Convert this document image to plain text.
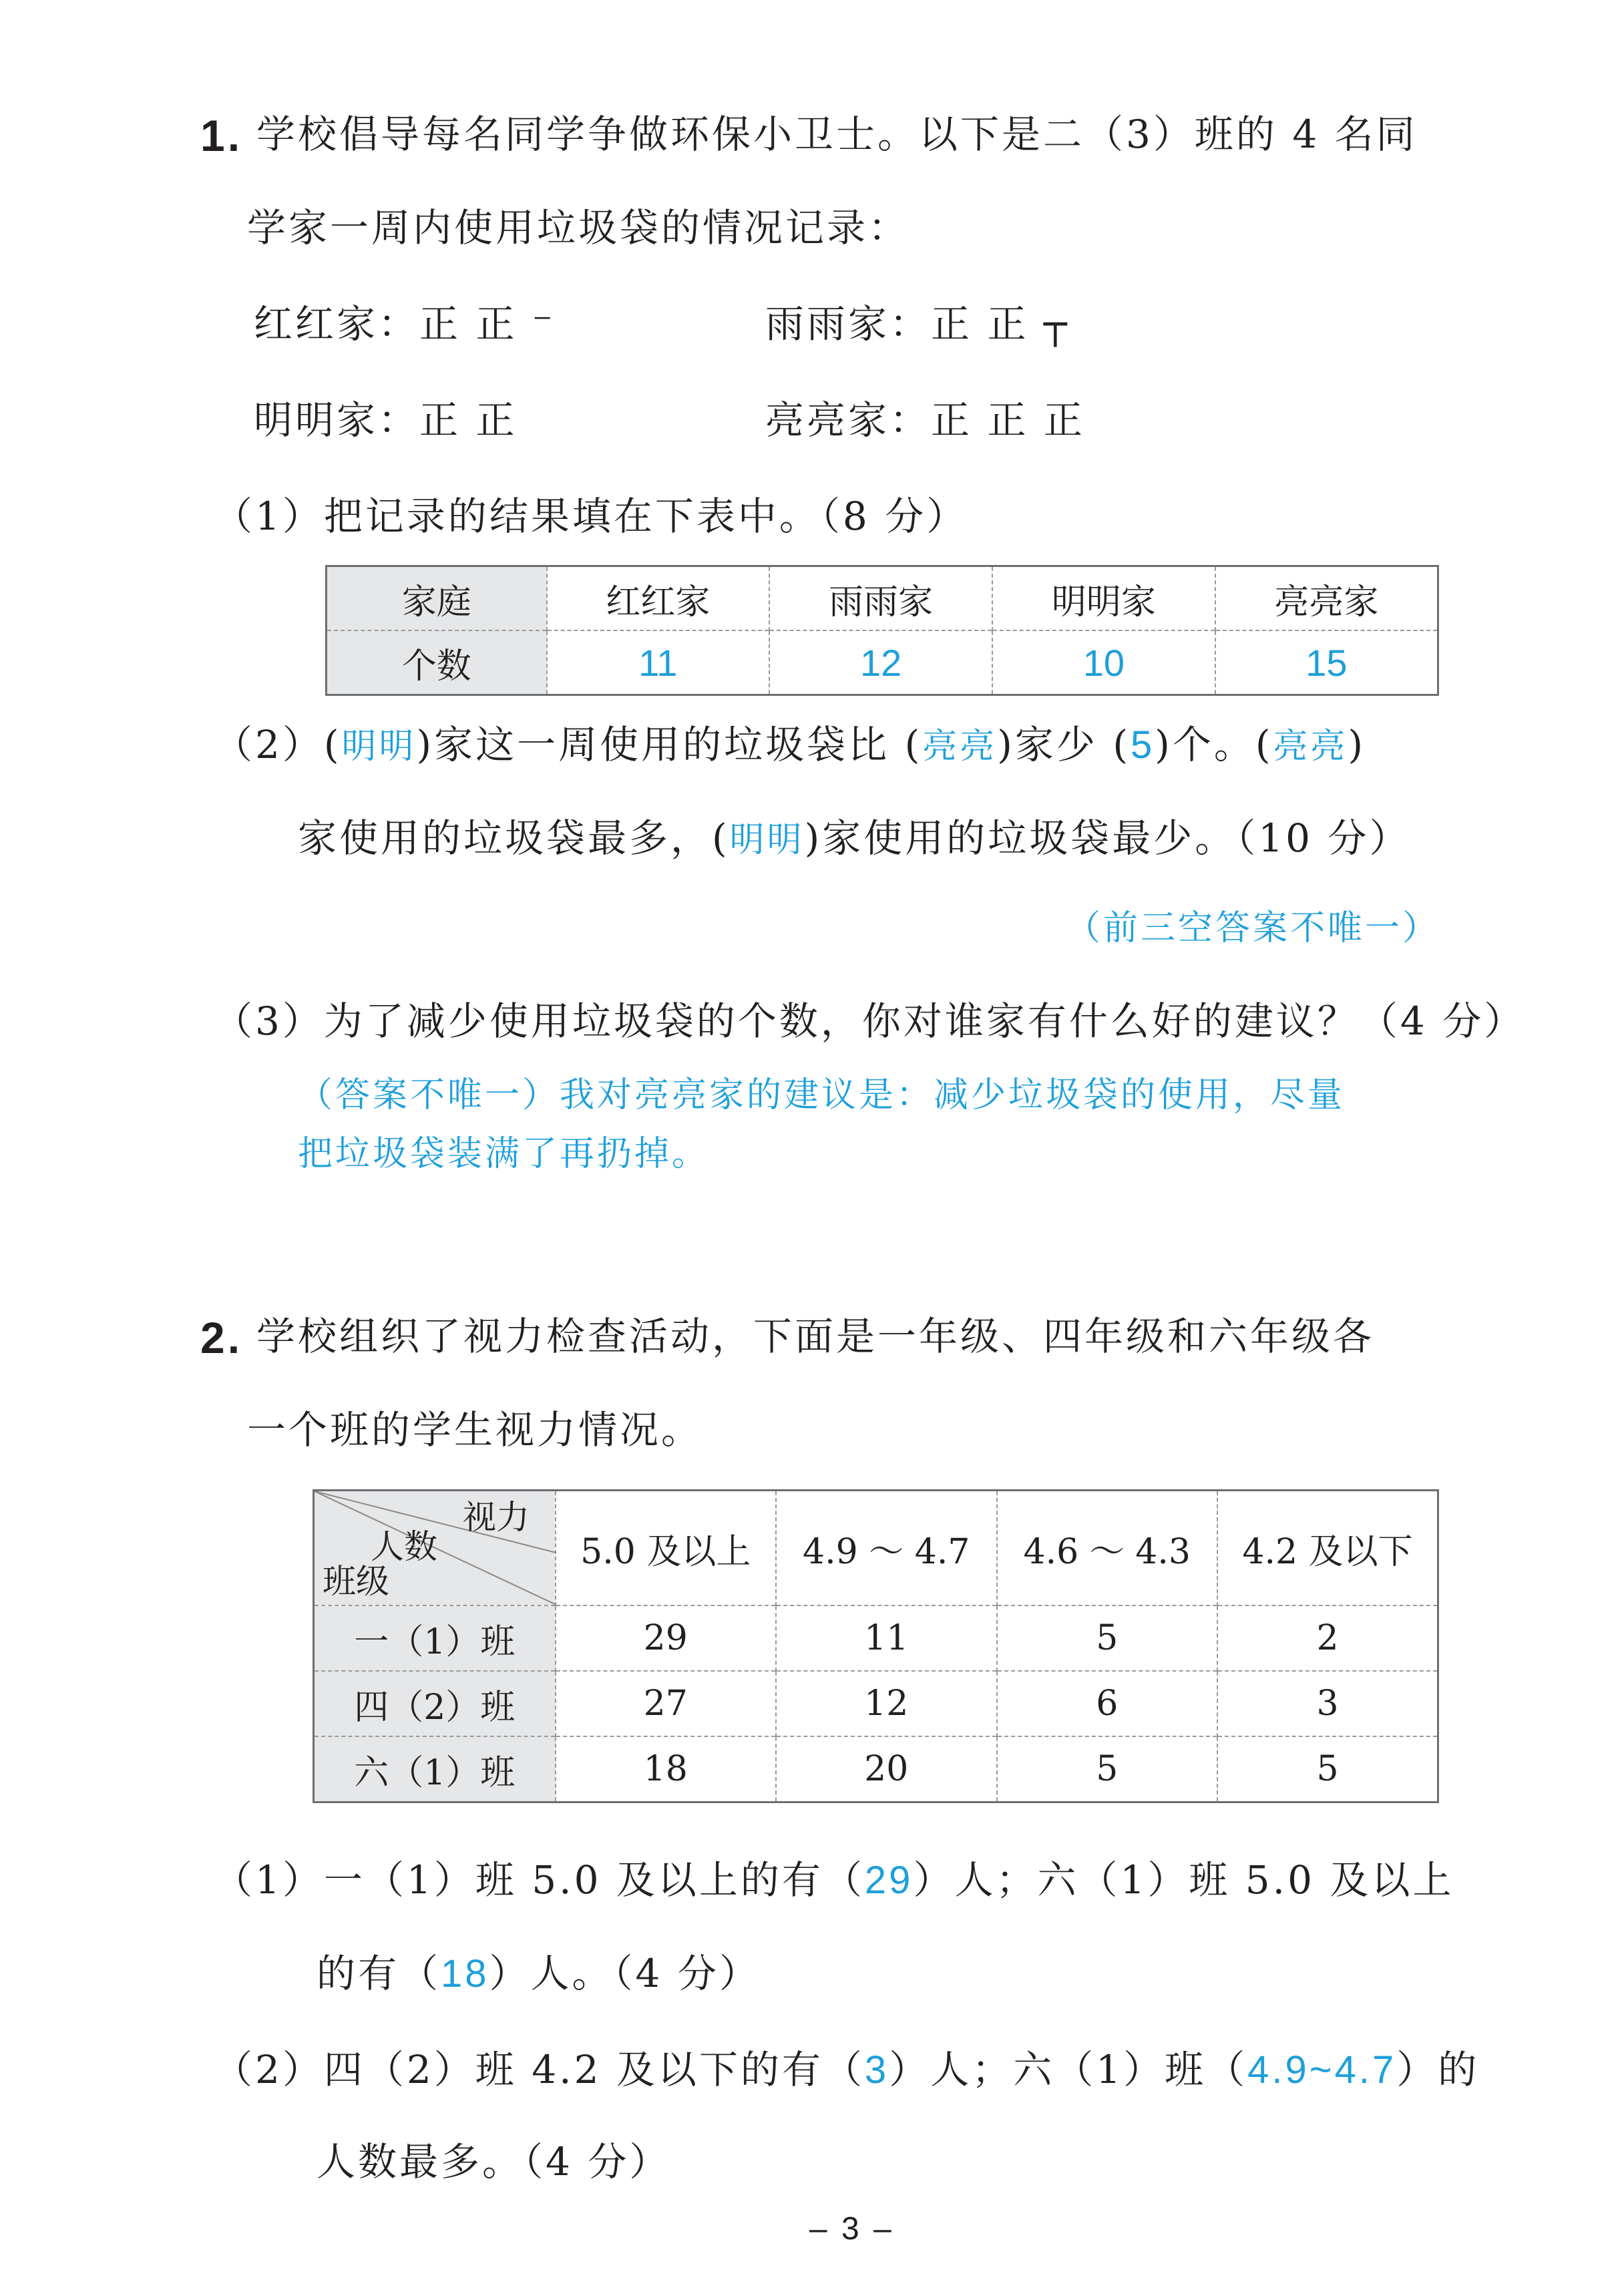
1. 学校倡导每名同学争做环保小卫士。以下是二（3）班的 4 名同
学家一周内使用垃圾袋的情况记录：
红红家：正 正 ⁻	雨雨家：正 正 ┬
明明家：正 正	亮亮家：正 正 正
（1）把记录的结果填在下表中。（8 分）
家庭	红红家	雨雨家	明明家	亮亮家
个数	11	12	10	15
（2）(明明)家这一周使用的垃圾袋比 (亮亮)家少 (5)个。(亮亮)
家使用的垃圾袋最多，(明明)家使用的垃圾袋最少。（10 分）
（前三空答案不唯一）
（3）为了减少使用垃圾袋的个数，你对谁家有什么好的建议？（4 分）
（答案不唯一）我对亮亮家的建议是：减少垃圾袋的使用，尽量
把垃圾袋装满了再扔掉。
2. 学校组织了视力检查活动，下面是一年级、四年级和六年级各
一个班的学生视力情况。
视力
人数
班级	5.0 及以上	4.9 ～ 4.7	4.6 ～ 4.3	4.2 及以下
一（1）班	29	11	5	2
四（2）班	27	12	6	3
六（1）班	18	20	5	5
（1）一（1）班 5.0 及以上的有（29）人；六（1）班 5.0 及以上
的有（18）人。（4 分）
（2）四（2）班 4.2 及以下的有（3）人；六（1）班（4.9~4.7）的
人数最多。（4 分）
– 3 –
